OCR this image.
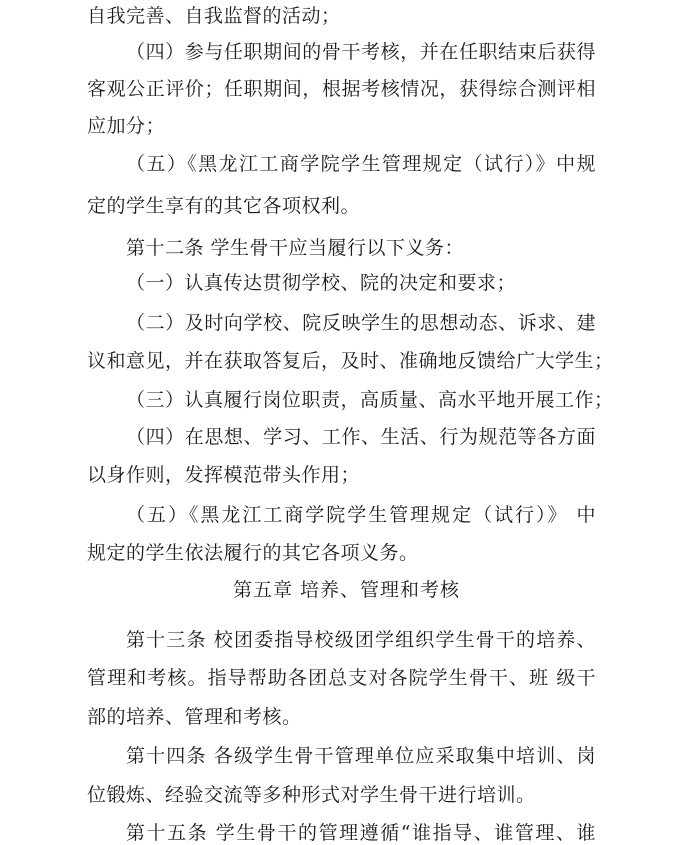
自我完善、自我监督的活动；
（四）参与任职期间的骨干考核，并在任职结束后获得
客观公正评价；任职期间，根据考核情况，获得综合测评相
应加分；
（五）《黑龙江工商学院学生管理规定（试行）》中规
定的学生享有的其它各项权利。
第十二条 学生骨干应当履行以下义务：
（一）认真传达贯彻学校、院的决定和要求；
（二）及时向学校、院反映学生的思想动态、诉求、建
议和意见，并在获取答复后，及时、准确地反馈给广大学生；
（三）认真履行岗位职责，高质量、高水平地开展工作；
（四）在思想、学习、工作、生活、行为规范等各方面
以身作则，发挥模范带头作用；
（五）《黑龙江工商学院学生管理规定（试行）》 中
规定的学生依法履行的其它各项义务。
第五章 培养、管理和考核
第十三条 校团委指导校级团学组织学生骨干的培养、
管理和考核。指导帮助各团总支对各院学生骨干、班 级干
部的培养、管理和考核。
第十四条 各级学生骨干管理单位应采取集中培训、岗
位锻炼、经验交流等多种形式对学生骨干进行培训。
第十五条 学生骨干的管理遵循“谁指导、谁管理、谁
